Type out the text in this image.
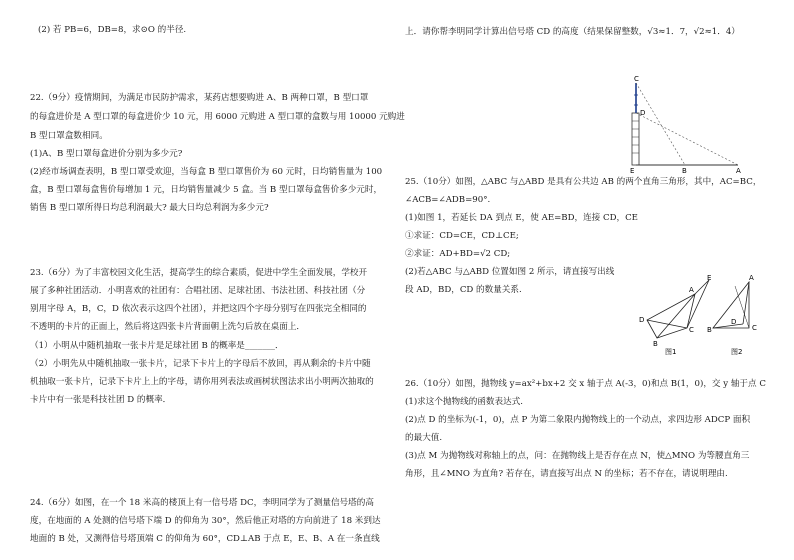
(2) 若 PB=6，DB=8，求⊙O 的半径.
22.（9分）疫情期间，为满足市民防护需求，某药店想要购进 A、B 两种口罩，B 型口罩
的每盒进价是 A 型口罩的每盒进价少 10 元，用 6000 元购进 A 型口罩的盒数与用 10000 元购进
B 型口罩盒数相同。
(1)A、B 型口罩每盒进价分别为多少元?
(2)经市场调查表明，B 型口罩受欢迎，当每盒 B 型口罩售价为 60 元时，日均销售量为 100
盒，B 型口罩每盒售价每增加 1 元，日均销售量减少 5 盒。当 B 型口罩每盒售价多少元时，
销售 B 型口罩所得日均总利润最大? 最大日均总利润为多少元?
23.（6分）为了丰富校园文化生活，提高学生的综合素质，促进中学生全面发展，学校开
展了多种社团活动．小明喜欢的社团有：合唱社团、足球社团、书法社团、科技社团（分
别用字母 A，B，C，D 依次表示这四个社团），并把这四个字母分别写在四张完全相同的
不透明的卡片的正面上，然后将这四张卡片背面朝上洗匀后放在桌面上．
（1）小明从中随机抽取一张卡片是足球社团 B 的概率是_______．
（2）小明先从中随机抽取一张卡片，记录下卡片上的字母后不放回，再从剩余的卡片中随
机抽取一张卡片，记录下卡片上上的字母，请你用列表法或画树状图法求出小明两次抽取的
卡片中有一张是科技社团 D 的概率．
24.（6分）如图，在一个 18 米高的楼顶上有一信号塔 DC，李明同学为了测量信号塔的高
度，在地面的 A 处测的信号塔下端 D 的仰角为 30°，然后他正对塔的方向前进了 18 米到达
地面的 B 处，又测得信号塔顶端 C 的仰角为 60°，CD⊥AB 于点 E，E、B、A 在一条直线
上．请你帮李明同学计算出信号塔 CD 的高度（结果保留整数，√3≈1．7，√2≈1．4）
C
D
E	B	A
25.（10分）如图，△ABC 与△ABD 是具有公共边 AB 的两个直角三角形，其中，AC=BC，
∠ACB=∠ADB=90°.
(1)如图 1，若延长 DA 到点 E，使 AE=BD，连接 CD，CE
①求证：CD=CE，CD⊥CE;
②求证：AD+BD=√2 CD;
(2)若△ABC 与△ABD 位置如图 2 所示，请直接写出线
段 AD，BD，CD 的数量关系.
E
A
D
C
B
图1
A
D
C
B
图2
26.（10分）如图，抛物线 y=ax²+bx+2 交 x 轴于点 A(-3，0)和点 B(1，0)，交 y 轴于点 C
(1)求这个抛物线的函数表达式.
(2)点 D 的坐标为(-1，0)，点 P 为第二象限内抛物线上的一个动点，求四边形 ADCP 面积
的最大值.
(3)点 M 为抛物线对称轴上的点，问：在抛物线上是否存在点 N，使△MNO 为等腰直角三
角形，且∠MNO 为直角? 若存在，请直接写出点 N 的坐标；若不存在，请说明理由.
